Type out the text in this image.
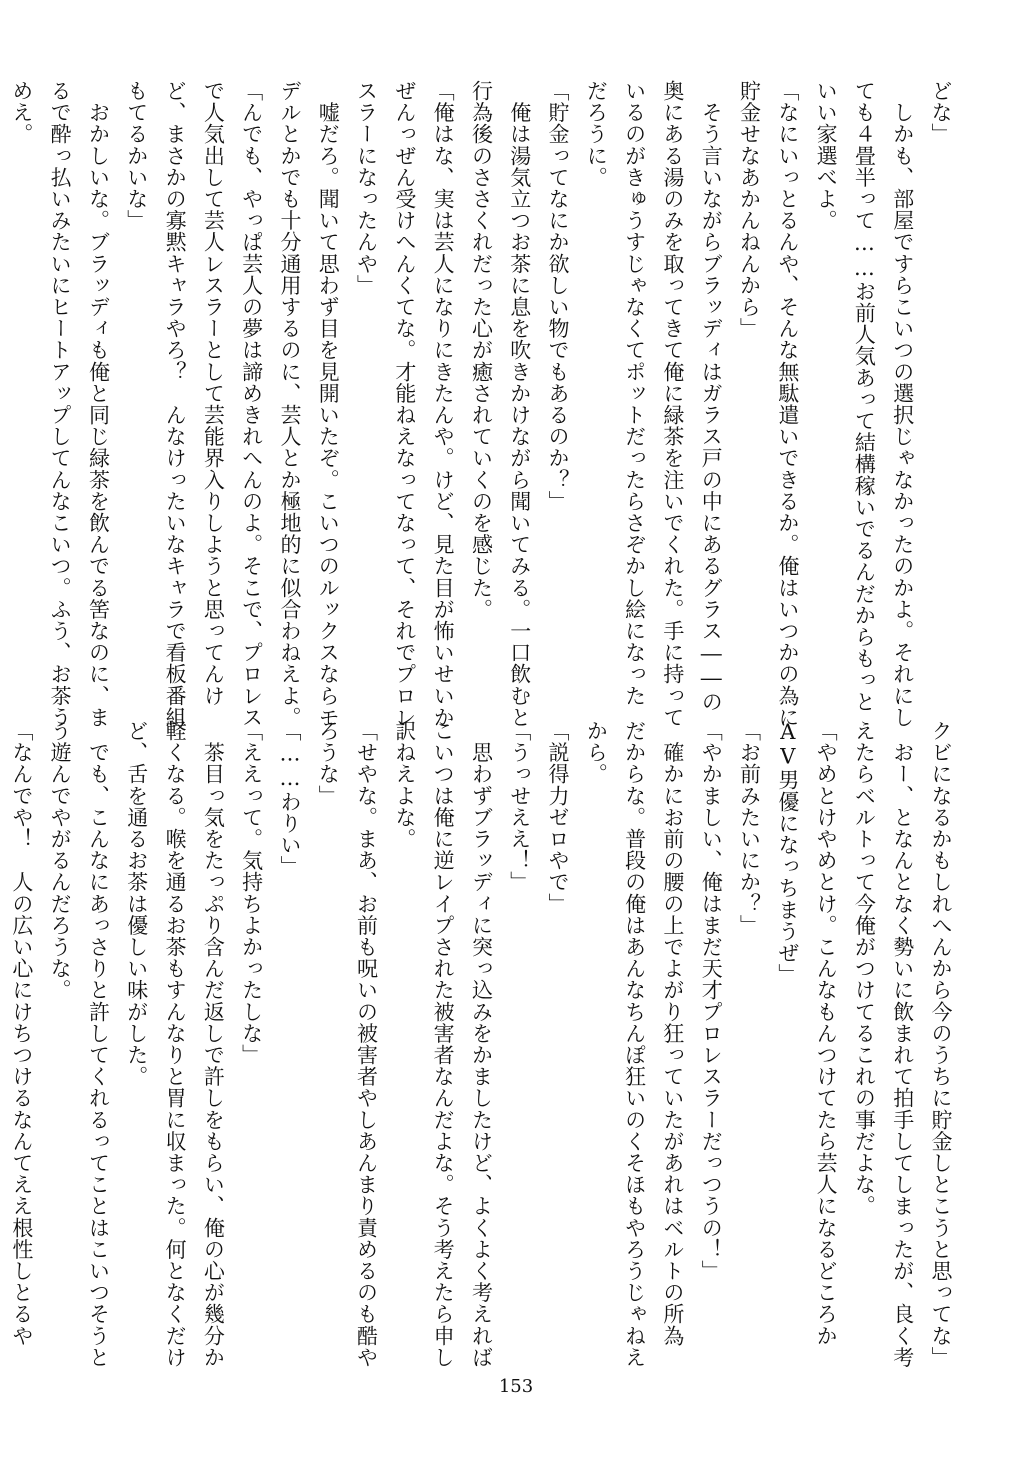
どな」
　しかも、部屋ですらこいつの選択じゃなかったのかよ。それにし
ても４畳半って……お前人気あって結構稼いでるんだからもっと
いい家選べよ。
「なにいっとるんや、そんな無駄遣いできるか。俺はいつかの為に
貯金せなあかんねんから」
　そう言いながらブラッディはガラス戸の中にあるグラス――の
奥にある湯のみを取ってきて俺に緑茶を注いでくれた。手に持って
いるのがきゅうすじゃなくてポットだったらさぞかし絵になった
だろうに。
「貯金ってなにか欲しい物でもあるのか？」
　俺は湯気立つお茶に息を吹きかけながら聞いてみる。一口飲むと
行為後のささくれだった心が癒されていくのを感じた。
「俺はな、実は芸人になりにきたんや。けど、見た目が怖いせいか
ぜんっぜん受けへんくてな。才能ねえなってなって、それでプロレ
スラーになったんや」
　嘘だろ。聞いて思わず目を見開いたぞ。こいつのルックスならモ
デルとかでも十分通用するのに、芸人とか極地的に似合わねえよ。
「んでも、やっぱ芸人の夢は諦めきれへんのよ。そこで、プロレス
で人気出して芸人レスラーとして芸能界入りしようと思ってんけ
ど、まさかの寡黙キャラやろ？　んなけったいなキャラで看板番組
もてるかいな」
　おかしいな。ブラッディも俺と同じ緑茶を飲んでる筈なのに、ま
るで酔っ払いみたいにヒートアップしてんなこいつ。ふう、お茶う
めえ。
クビになるかもしれへんから今のうちに貯金しとこうと思ってな」
　おー、となんとなく勢いに飲まれて拍手してしまったが、良く考
えたらベルトって今俺がつけてるこれの事だよな。
「やめとけやめとけ。こんなもんつけてたら芸人になるどころか
AV男優になっちまうぜ」
「お前みたいにか？」
「やかましい、俺はまだ天才プロレスラーだっつうの！」
　確かにお前の腰の上でよがり狂っていたがあれはベルトの所為
だからな。普段の俺はあんなちんぽ狂いのくそほもやろうじゃねえ
から。
「説得力ゼロやで」
「うっせええ！」
　思わずブラッディに突っ込みをかましたけど、よくよく考えれば
こいつは俺に逆レイプされた被害者なんだよな。そう考えたら申し
訳ねえよな。
「せやな。まあ、お前も呪いの被害者やしあんまり責めるのも酷や
ろうな」
「……わりい」
「ええって。気持ちよかったしな」
　茶目っ気をたっぷり含んだ返しで許しをもらい、俺の心が幾分か
軽くなる。喉を通るお茶もすんなりと胃に収まった。何となくだけ
ど、舌を通るお茶は優しい味がした。
　でも、こんなにあっさりと許してくれるってことはこいつそうと
う遊んでやがるんだろうな。
「なんでや！　人の広い心にけちつけるなんてええ根性しとるや
153
